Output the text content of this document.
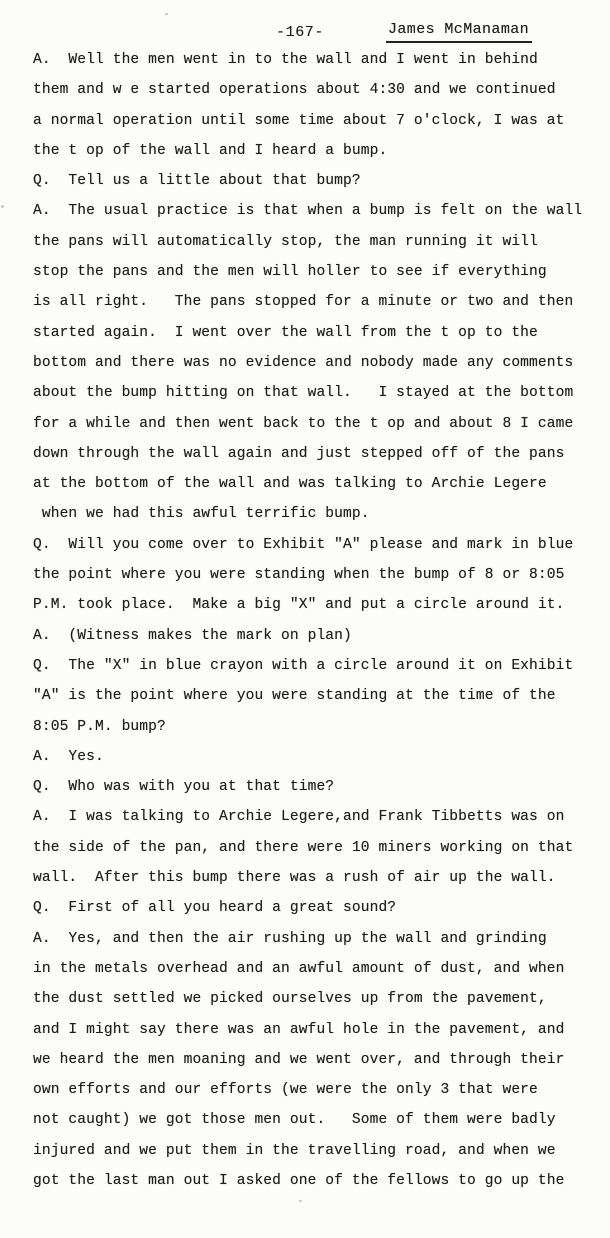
-167-	James McManaman
A.  Well the men went in to the wall and I went in behind
them and w e started operations about 4:30 and we continued
a normal operation until some time about 7 o'clock, I was at
the t op of the wall and I heard a bump.
Q.  Tell us a little about that bump?
A.  The usual practice is that when a bump is felt on the wall
the pans will automatically stop, the man running it will
stop the pans and the men will holler to see if everything
is all right.   The pans stopped for a minute or two and then
started again.  I went over the wall from the t op to the
bottom and there was no evidence and nobody made any comments
about the bump hitting on that wall.   I stayed at the bottom
for a while and then went back to the t op and about 8 I came
down through the wall again and just stepped off of the pans
at the bottom of the wall and was talking to Archie Legere
when we had this awful terrific bump.
Q.  Will you come over to Exhibit "A" please and mark in blue
the point where you were standing when the bump of 8 or 8:05
P.M. took place.  Make a big "X" and put a circle around it.
A.  (Witness makes the mark on plan)
Q.  The "X" in blue crayon with a circle around it on Exhibit
"A" is the point where you were standing at the time of the
8:05 P.M. bump?
A.  Yes.
Q.  Who was with you at that time?
A.  I was talking to Archie Legere,and Frank Tibbetts was on
the side of the pan, and there were 10 miners working on that
wall.  After this bump there was a rush of air up the wall.
Q.  First of all you heard a great sound?
A.  Yes, and then the air rushing up the wall and grinding
in the metals overhead and an awful amount of dust, and when
the dust settled we picked ourselves up from the pavement,
and I might say there was an awful hole in the pavement, and
we heard the men moaning and we went over, and through their
own efforts and our efforts (we were the only 3 that were
not caught) we got those men out.   Some of them were badly
injured and we put them in the travelling road, and when we
got the last man out I asked one of the fellows to go up the
